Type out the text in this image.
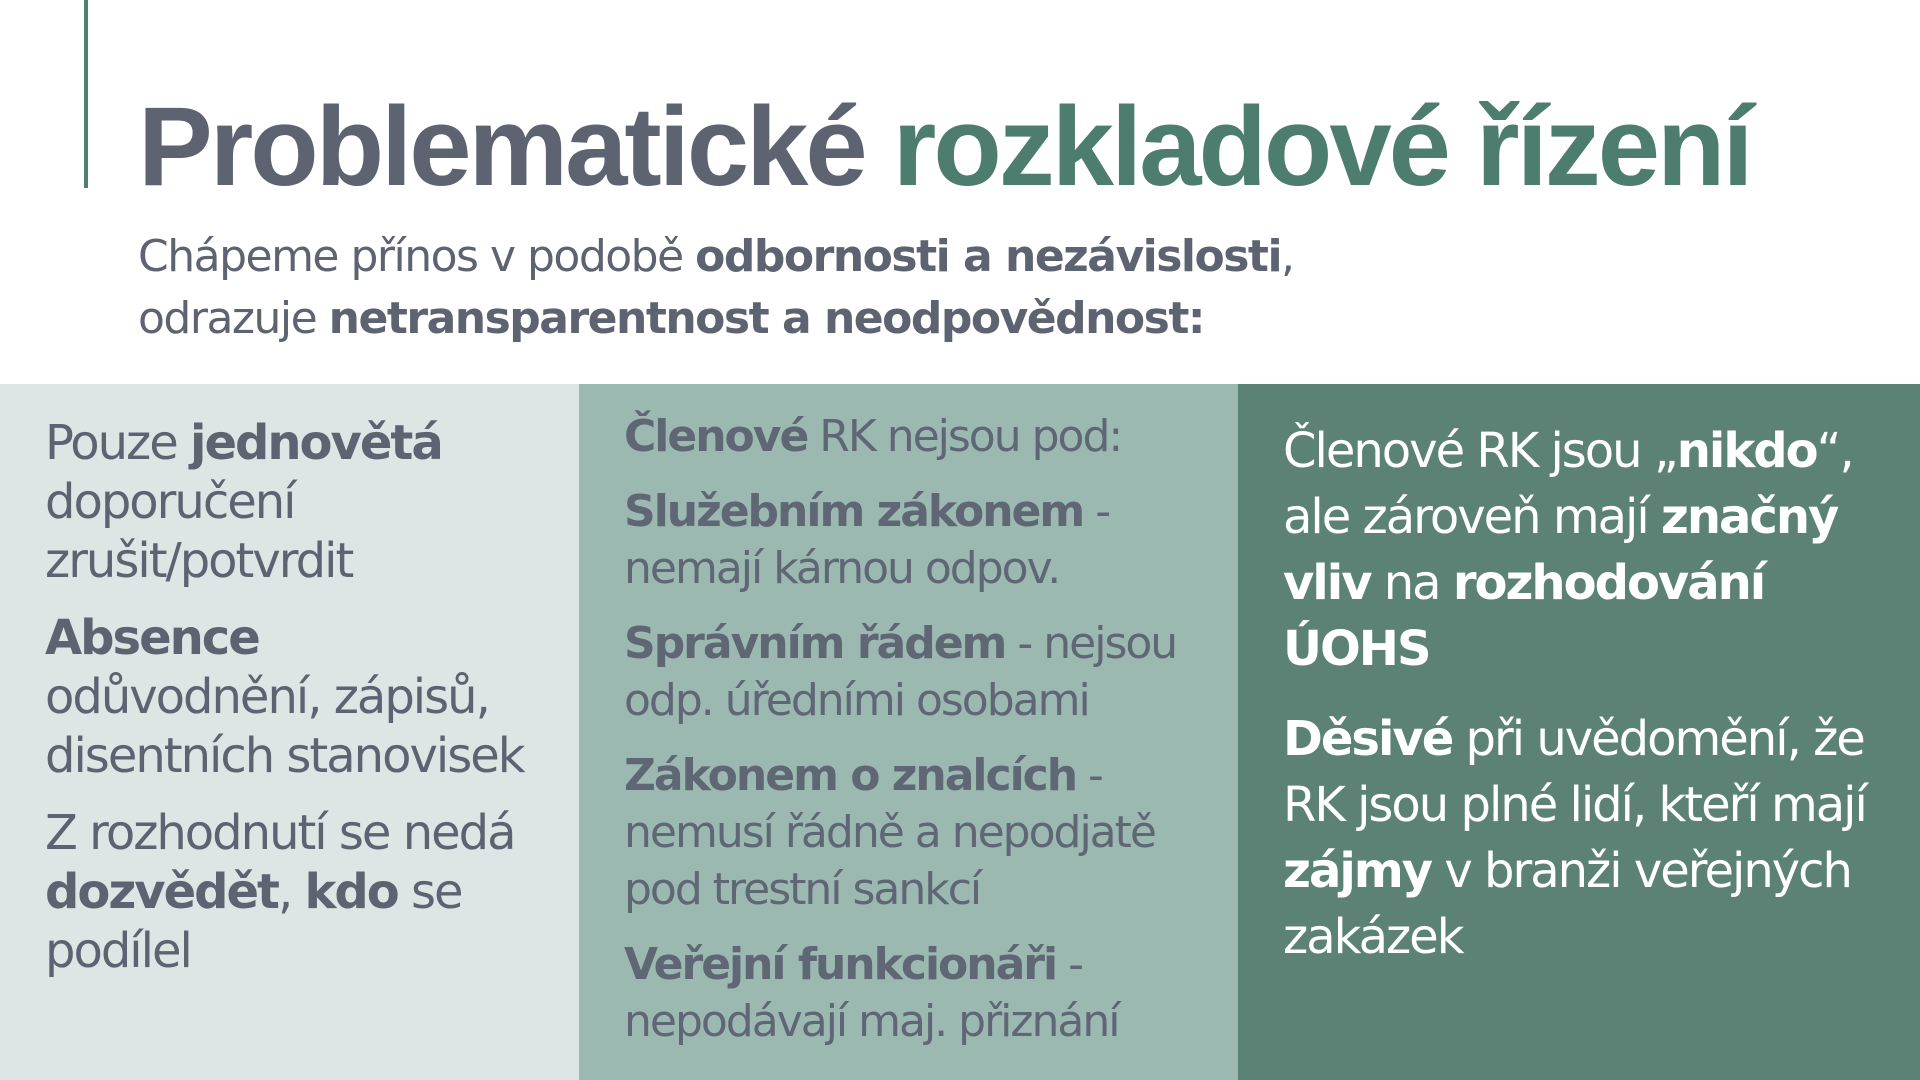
Problematické rozkladové řízení
Chápeme přínos v podobě odbornosti a nezávislosti,
odrazuje netransparentnost a neodpovědnost:

Pouze jednovětá
doporučení zrušit/potvrdit

Absence
odůvodnění, zápisů, disentních stanovisek

Z rozhodnutí se nedá dozvědět, kdo se podílel

Členové RK nejsou pod:

Služebním zákonem - nemají kárnou odpov.

Správním řádem - nejsou odp. úředními osobami

Zákonem o znalcích - nemusí řádně a nepodjatě pod trestní sankcí

Veřejní funkcionáři - nepodávají maj. přiznání

Členové RK jsou „nikdo“, ale zároveň mají značný vliv na rozhodování ÚOHS

Děsivé při uvědomění, že RK jsou plné lidí, kteří mají zájmy v branži veřejných zakázek
